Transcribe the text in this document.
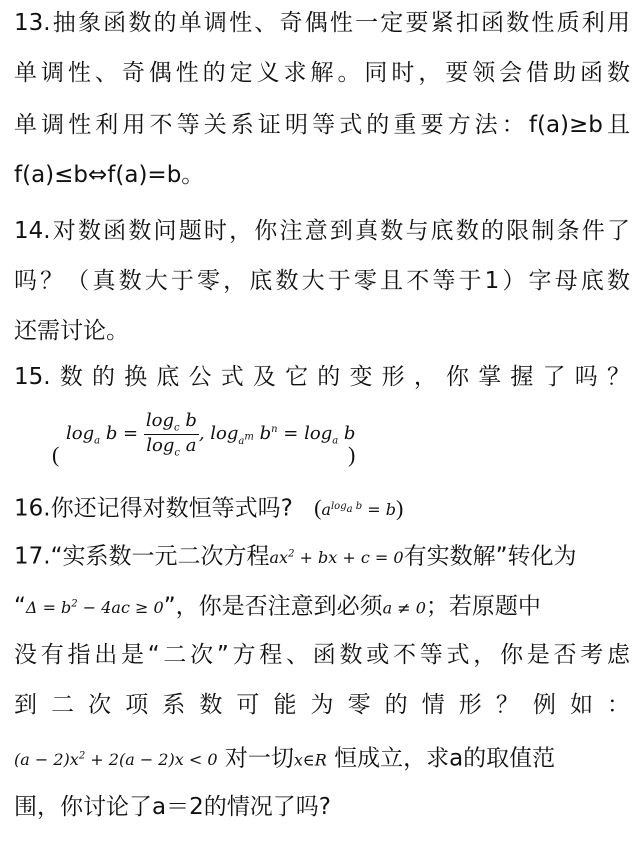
13.抽象函数的单调性、奇偶性一定要紧扣函数性质利用
单调性、奇偶性的定义求解。同时，要领会借助函数
单调性利用不等关系证明等式的重要方法：f(a)≥b且
f(a)≤b⇔f(a)=b。
14.对数函数问题时，你注意到真数与底数的限制条件了
吗？（真数大于零，底数大于零且不等于1）字母底数
还需讨论。
15.数的换底公式及它的变形，你掌握了吗？
(
$\log_a b = \frac{\log_c b}{\log_c a}$ , $\log_{a^m} b^n = \log_a b$
)
16.你还记得对数恒等式吗? $(a^{log_a b} = b)$
17.“实系数一元二次方程$ax^2$ + bx + c = 0有实数解”转化为
“$\Delta = b^2 - 4ac \ge 0$”，你是否注意到必须a ≠ 0；若原题中
没有指出是“二次”方程、函数或不等式，你是否考虑
到二次项系数可能为零的情形？例如：
$(a - 2)x^2 + 2(a - 2)x < 0$ 对一切x∈R 恒成立，求a的取值范
围，你讨论了a＝2的情况了吗?
